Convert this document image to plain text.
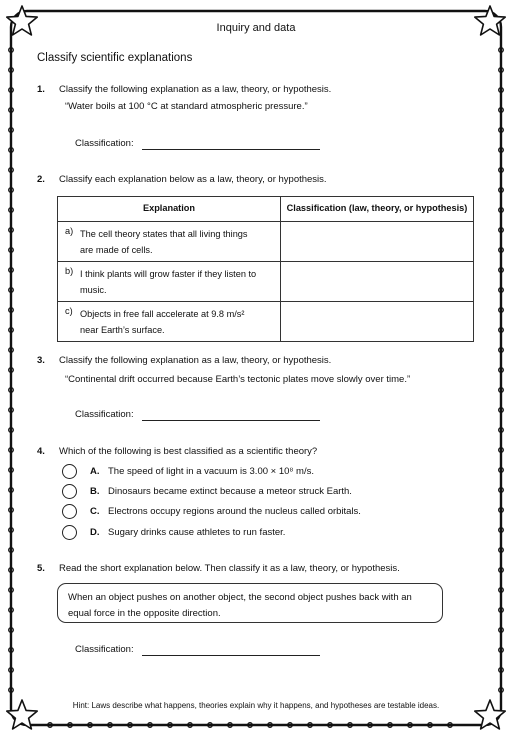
Inquiry and data
Classify scientific explanations
1. Classify the following explanation as a law, theory, or hypothesis.
“Water boils at 100 °C at standard atmospheric pressure.”
Classification:
2. Classify each explanation below as a law, theory, or hypothesis.
Explanation	Classification (law, theory, or hypothesis)
a) The cell theory states that all living things are made of cells.	
b) I think plants will grow faster if they listen to music.	
c) Objects in free fall accelerate at 9.8 m/s² near Earth’s surface.	
3. Classify the following explanation as a law, theory, or hypothesis.
“Continental drift occurred because Earth’s tectonic plates move slowly over time.”
Classification:
4. Which of the following is best classified as a scientific theory?
A. The speed of light in a vacuum is 3.00 × 10⁸ m/s.
B. Dinosaurs became extinct because a meteor struck Earth.
C. Electrons occupy regions around the nucleus called orbitals.
D. Sugary drinks cause athletes to run faster.
5. Read the short explanation below. Then classify it as a law, theory, or hypothesis.
When an object pushes on another object, the second object pushes back with an equal force in the opposite direction.
Classification:
Hint: Laws describe what happens, theories explain why it happens, and hypotheses are testable ideas.
